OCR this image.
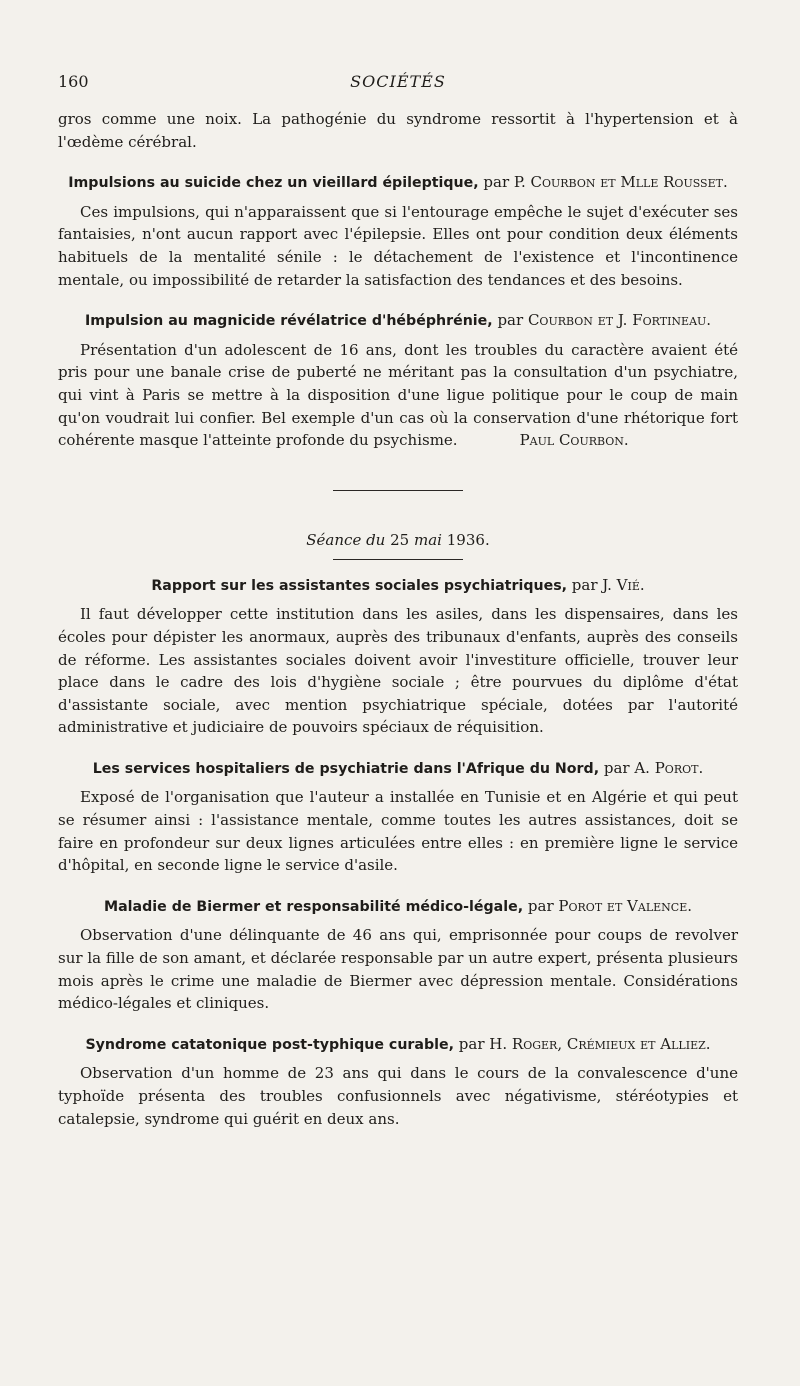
160	SOCIÉTÉS

gros comme une noix. La pathogénie du syndrome ressortit à l'hypertension et à l'œdème cérébral.

Impulsions au suicide chez un vieillard épileptique, par P. Courbon et Mlle Rousset.

Ces impulsions, qui n'apparaissent que si l'entourage empêche le sujet d'exécuter ses fantaisies, n'ont aucun rapport avec l'épilepsie. Elles ont pour condition deux éléments habituels de la mentalité sénile : le détachement de l'existence et l'incontinence mentale, ou impossibilité de retarder la satisfaction des tendances et des besoins.

Impulsion au magnicide révélatrice d'hébéphrénie, par Courbon et J. Fortineau.

Présentation d'un adolescent de 16 ans, dont les troubles du caractère avaient été pris pour une banale crise de puberté ne méritant pas la consultation d'un psychiatre, qui vint à Paris se mettre à la disposition d'une ligue politique pour le coup de main qu'on voudrait lui confier. Bel exemple d'un cas où la conservation d'une rhétorique fort cohérente masque l'atteinte profonde du psychisme.	Paul Courbon.

Séance du 25 mai 1936.
Rapport sur les assistantes sociales psychiatriques, par J. Vié.

Il faut développer cette institution dans les asiles, dans les dispensaires, dans les écoles pour dépister les anormaux, auprès des tribunaux d'enfants, auprès des conseils de réforme. Les assistantes sociales doivent avoir l'investiture officielle, trouver leur place dans le cadre des lois d'hygiène sociale ; être pourvues du diplôme d'état d'assistante sociale, avec mention psychiatrique spéciale, dotées par l'autorité administrative et judiciaire de pouvoirs spéciaux de réquisition.

Les services hospitaliers de psychiatrie dans l'Afrique du Nord, par A. Porot.

Exposé de l'organisation que l'auteur a installée en Tunisie et en Algérie et qui peut se résumer ainsi : l'assistance mentale, comme toutes les autres assistances, doit se faire en profondeur sur deux lignes articulées entre elles : en première ligne le service d'hôpital, en seconde ligne le service d'asile.

Maladie de Biermer et responsabilité médico-légale, par Porot et Valence.

Observation d'une délinquante de 46 ans qui, emprisonnée pour coups de revolver sur la fille de son amant, et déclarée responsable par un autre expert, présenta plusieurs mois après le crime une maladie de Biermer avec dépression mentale. Considérations médico-légales et cliniques.

Syndrome catatonique post-typhique curable, par H. Roger, Crémieux et Alliez.

Observation d'un homme de 23 ans qui dans le cours de la convalescence d'une typhoïde présenta des troubles confusionnels avec négativisme, stéréotypies et catalepsie, syndrome qui guérit en deux ans.
